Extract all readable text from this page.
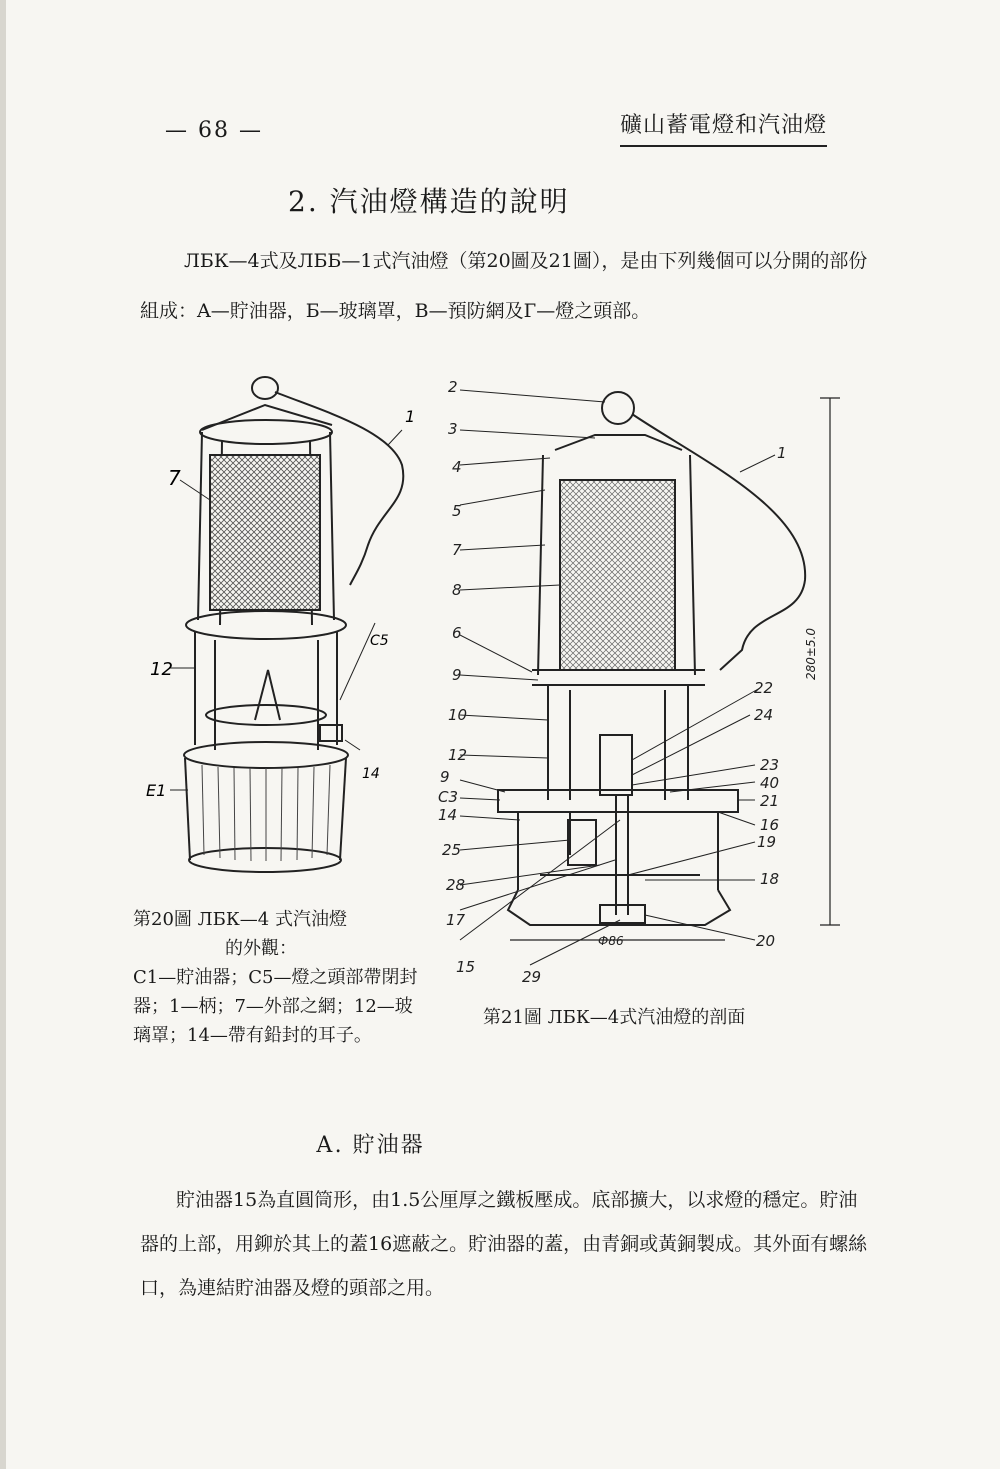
— 68 —	礦山蓄電燈和汽油燈
2. 汽油燈構造的說明
ЛБК—4式及ЛББ—1式汽油燈（第20圖及21圖），是由下列幾個可以分開的部份組成：A—貯油器，Б—玻璃罩，В—預防網及Г—燈之頭部。
7
1
12
Е1
С5
14
第20圖 ЛБК—4 式汽油燈
的外觀：
С1—貯油器；С5—燈之頭部帶閉封器；1—柄；7—外部之網；12—玻璃罩；14—帶有鉛封的耳子。
2
3
4
5
7
8
6
9
10
12
9
С3
14
25
28
17
15
1
22
24
23
40
21
16
19
18
20
29
Ф86
280±5.0
第21圖 ЛБК—4式汽油燈的剖面
А. 貯油器
貯油器15為直圓筒形，由1.5公厘厚之鐵板壓成。底部擴大，以求燈的穩定。貯油器的上部，用鉚於其上的蓋16遮蔽之。貯油器的蓋，由青銅或黃銅製成。其外面有螺絲口，為連結貯油器及燈的頭部之用。
